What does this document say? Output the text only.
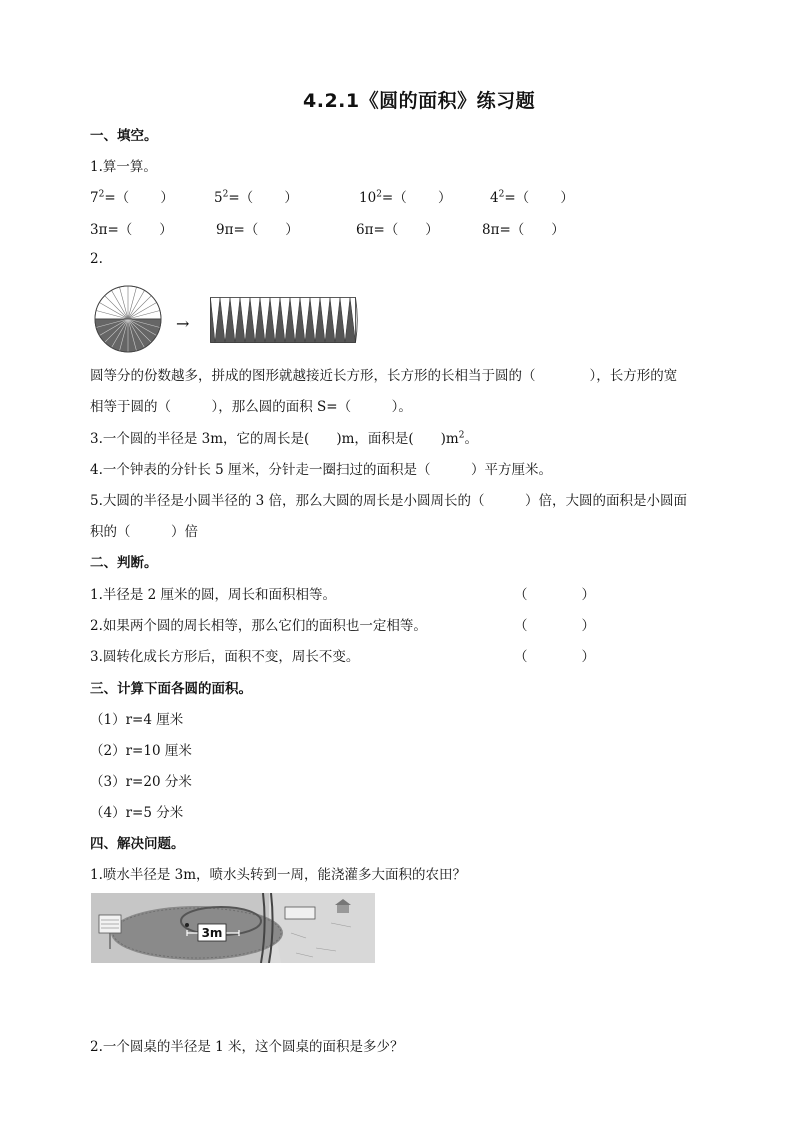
4.2.1《圆的面积》练习题
一、填空。
1.算一算。
$7^2=$（　　 ）	$5^2=$（　　 ）	$10^2=$（　　 ）	$4^2=$（　　 ）
3π=（　　）	9π=（　　）	6π=（　　）	8π=（　　）
2.
→
圆等分的份数越多，拼成的图形就越接近长方形，长方形的长相当于圆的（　　　　），长方形的宽
相等于圆的（　　　），那么圆的面积 S=（　　　）。
3.一个圆的半径是 3m，它的周长是(　　)m，面积是(　　)$m^2$。
4.一个钟表的分针长 5 厘米，分针走一圈扫过的面积是（　　　）平方厘米。
5.大圆的半径是小圆半径的 3 倍，那么大圆的周长是小圆周长的（　　　）倍，大圆的面积是小圆面
积的（　　　）倍
二、判断。
1.半径是 2 厘米的圆，周长和面积相等。	（　　　　）
2.如果两个圆的周长相等，那么它们的面积也一定相等。	（　　　　）
3.圆转化成长方形后，面积不变，周长不变。	（　　　　）
三、计算下面各圆的面积。
（1）r=4 厘米
（2）r=10 厘米
（3）r=20 分米
（4）r=5 分米
四、解决问题。
1.喷水半径是 3m，喷水头转到一周，能浇灌多大面积的农田？
3m
2.一个圆桌的半径是 1 米，这个圆桌的面积是多少？
